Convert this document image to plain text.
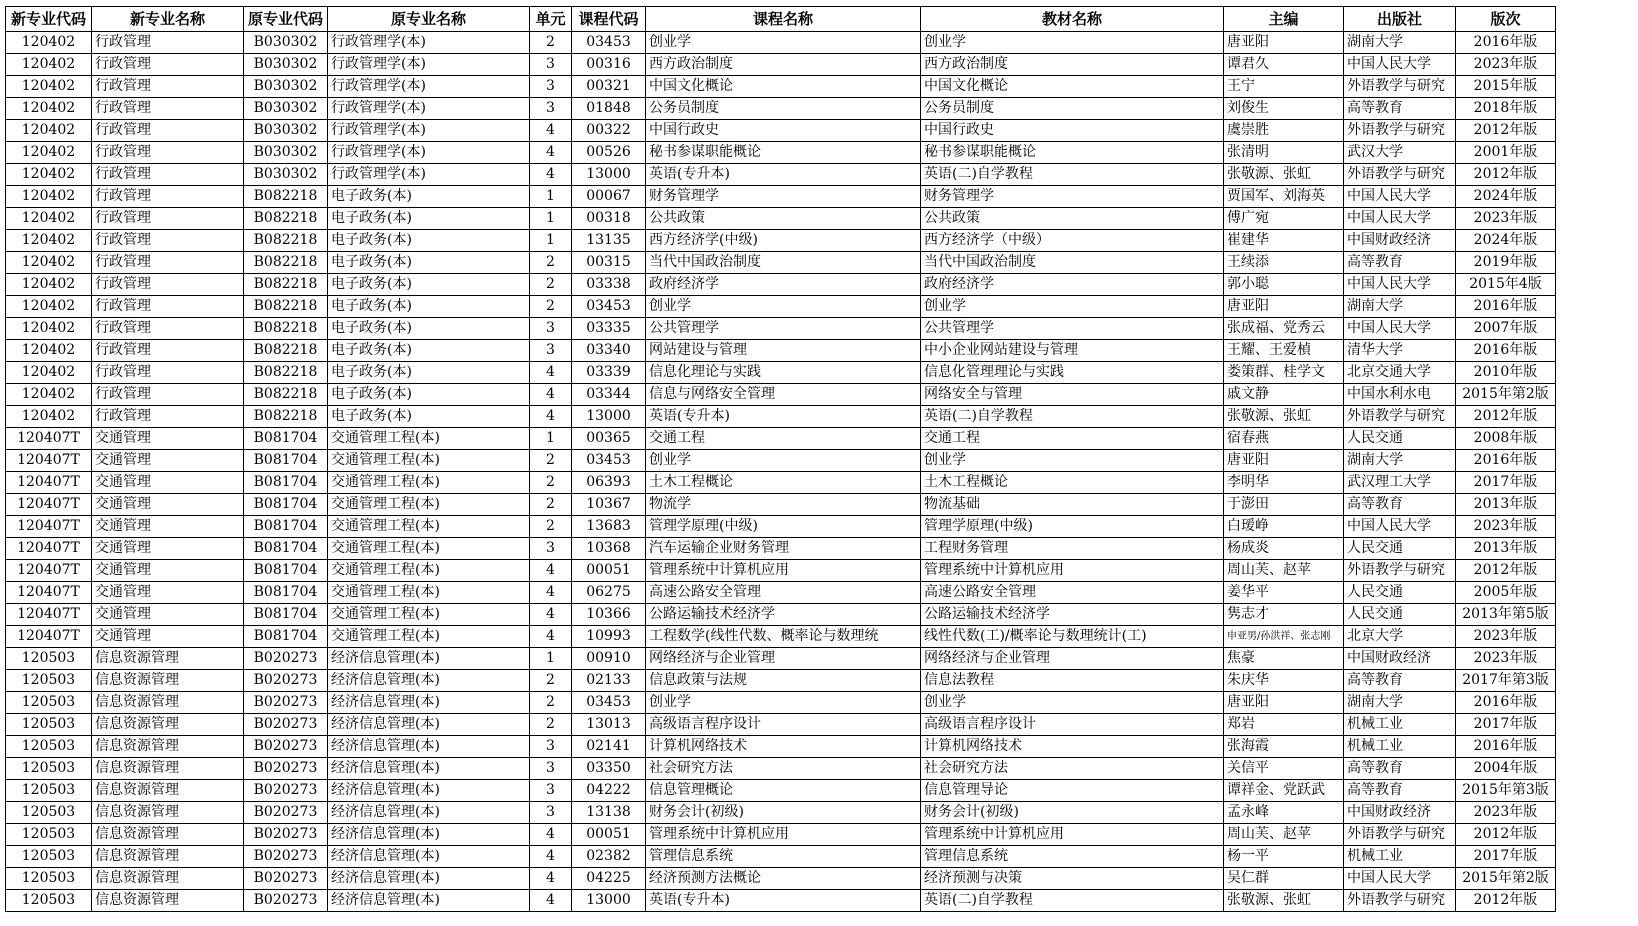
新专业代码	新专业名称	原专业代码	原专业名称	单元	课程代码	课程名称	教材名称	主编	出版社	版次
120402	行政管理	B030302	行政管理学(本)	2	03453	创业学	创业学	唐亚阳	湖南大学	2016年版
120402	行政管理	B030302	行政管理学(本)	3	00316	西方政治制度	西方政治制度	谭君久	中国人民大学	2023年版
120402	行政管理	B030302	行政管理学(本)	3	00321	中国文化概论	中国文化概论	王宁	外语教学与研究	2015年版
120402	行政管理	B030302	行政管理学(本)	3	01848	公务员制度	公务员制度	刘俊生	高等教育	2018年版
120402	行政管理	B030302	行政管理学(本)	4	00322	中国行政史	中国行政史	虞崇胜	外语教学与研究	2012年版
120402	行政管理	B030302	行政管理学(本)	4	00526	秘书参谋职能概论	秘书参谋职能概论	张清明	武汉大学	2001年版
120402	行政管理	B030302	行政管理学(本)	4	13000	英语(专升本)	英语(二)自学教程	张敬源、张虹	外语教学与研究	2012年版
120402	行政管理	B082218	电子政务(本)	1	00067	财务管理学	财务管理学	贾国军、刘海英	中国人民大学	2024年版
120402	行政管理	B082218	电子政务(本)	1	00318	公共政策	公共政策	傅广宛	中国人民大学	2023年版
120402	行政管理	B082218	电子政务(本)	1	13135	西方经济学(中级)	西方经济学（中级）	崔建华	中国财政经济	2024年版
120402	行政管理	B082218	电子政务(本)	2	00315	当代中国政治制度	当代中国政治制度	王续添	高等教育	2019年版
120402	行政管理	B082218	电子政务(本)	2	03338	政府经济学	政府经济学	郭小聪	中国人民大学	2015年4版
120402	行政管理	B082218	电子政务(本)	2	03453	创业学	创业学	唐亚阳	湖南大学	2016年版
120402	行政管理	B082218	电子政务(本)	3	03335	公共管理学	公共管理学	张成福、党秀云	中国人民大学	2007年版
120402	行政管理	B082218	电子政务(本)	3	03340	网站建设与管理	中小企业网站建设与管理	王耀、王爱楨	清华大学	2016年版
120402	行政管理	B082218	电子政务(本)	4	03339	信息化理论与实践	信息化管理理论与实践	娄策群、桂学文	北京交通大学	2010年版
120402	行政管理	B082218	电子政务(本)	4	03344	信息与网络安全管理	网络安全与管理	戚文静	中国水利水电	2015年第2版
120402	行政管理	B082218	电子政务(本)	4	13000	英语(专升本)	英语(二)自学教程	张敬源、张虹	外语教学与研究	2012年版
120407T	交通管理	B081704	交通管理工程(本)	1	00365	交通工程	交通工程	宿春燕	人民交通	2008年版
120407T	交通管理	B081704	交通管理工程(本)	2	03453	创业学	创业学	唐亚阳	湖南大学	2016年版
120407T	交通管理	B081704	交通管理工程(本)	2	06393	土木工程概论	土木工程概论	李明华	武汉理工大学	2017年版
120407T	交通管理	B081704	交通管理工程(本)	2	10367	物流学	物流基础	于澎田	高等教育	2013年版
120407T	交通管理	B081704	交通管理工程(本)	2	13683	管理学原理(中级)	管理学原理(中级)	白瑷峥	中国人民大学	2023年版
120407T	交通管理	B081704	交通管理工程(本)	3	10368	汽车运输企业财务管理	工程财务管理	杨成炎	人民交通	2013年版
120407T	交通管理	B081704	交通管理工程(本)	4	00051	管理系统中计算机应用	管理系统中计算机应用	周山芙、赵苹	外语教学与研究	2012年版
120407T	交通管理	B081704	交通管理工程(本)	4	06275	高速公路安全管理	高速公路安全管理	姜华平	人民交通	2005年版
120407T	交通管理	B081704	交通管理工程(本)	4	10366	公路运输技术经济学	公路运输技术经济学	隽志才	人民交通	2013年第5版
120407T	交通管理	B081704	交通管理工程(本)	4	10993	工程数学(线性代数、概率论与数理统	线性代数(工)/概率论与数理统计(工)	申亚男/孙洪祥、张志刚	北京大学	2023年版
120503	信息资源管理	B020273	经济信息管理(本)	1	00910	网络经济与企业管理	网络经济与企业管理	焦豪	中国财政经济	2023年版
120503	信息资源管理	B020273	经济信息管理(本)	2	02133	信息政策与法规	信息法教程	朱庆华	高等教育	2017年第3版
120503	信息资源管理	B020273	经济信息管理(本)	2	03453	创业学	创业学	唐亚阳	湖南大学	2016年版
120503	信息资源管理	B020273	经济信息管理(本)	2	13013	高级语言程序设计	高级语言程序设计	郑岩	机械工业	2017年版
120503	信息资源管理	B020273	经济信息管理(本)	3	02141	计算机网络技术	计算机网络技术	张海霞	机械工业	2016年版
120503	信息资源管理	B020273	经济信息管理(本)	3	03350	社会研究方法	社会研究方法	关信平	高等教育	2004年版
120503	信息资源管理	B020273	经济信息管理(本)	3	04222	信息管理概论	信息管理导论	谭祥金、党跃武	高等教育	2015年第3版
120503	信息资源管理	B020273	经济信息管理(本)	3	13138	财务会计(初级)	财务会计(初级)	孟永峰	中国财政经济	2023年版
120503	信息资源管理	B020273	经济信息管理(本)	4	00051	管理系统中计算机应用	管理系统中计算机应用	周山芙、赵苹	外语教学与研究	2012年版
120503	信息资源管理	B020273	经济信息管理(本)	4	02382	管理信息系统	管理信息系统	杨一平	机械工业	2017年版
120503	信息资源管理	B020273	经济信息管理(本)	4	04225	经济预测方法概论	经济预测与决策	吴仁群	中国人民大学	2015年第2版
120503	信息资源管理	B020273	经济信息管理(本)	4	13000	英语(专升本)	英语(二)自学教程	张敬源、张虹	外语教学与研究	2012年版
